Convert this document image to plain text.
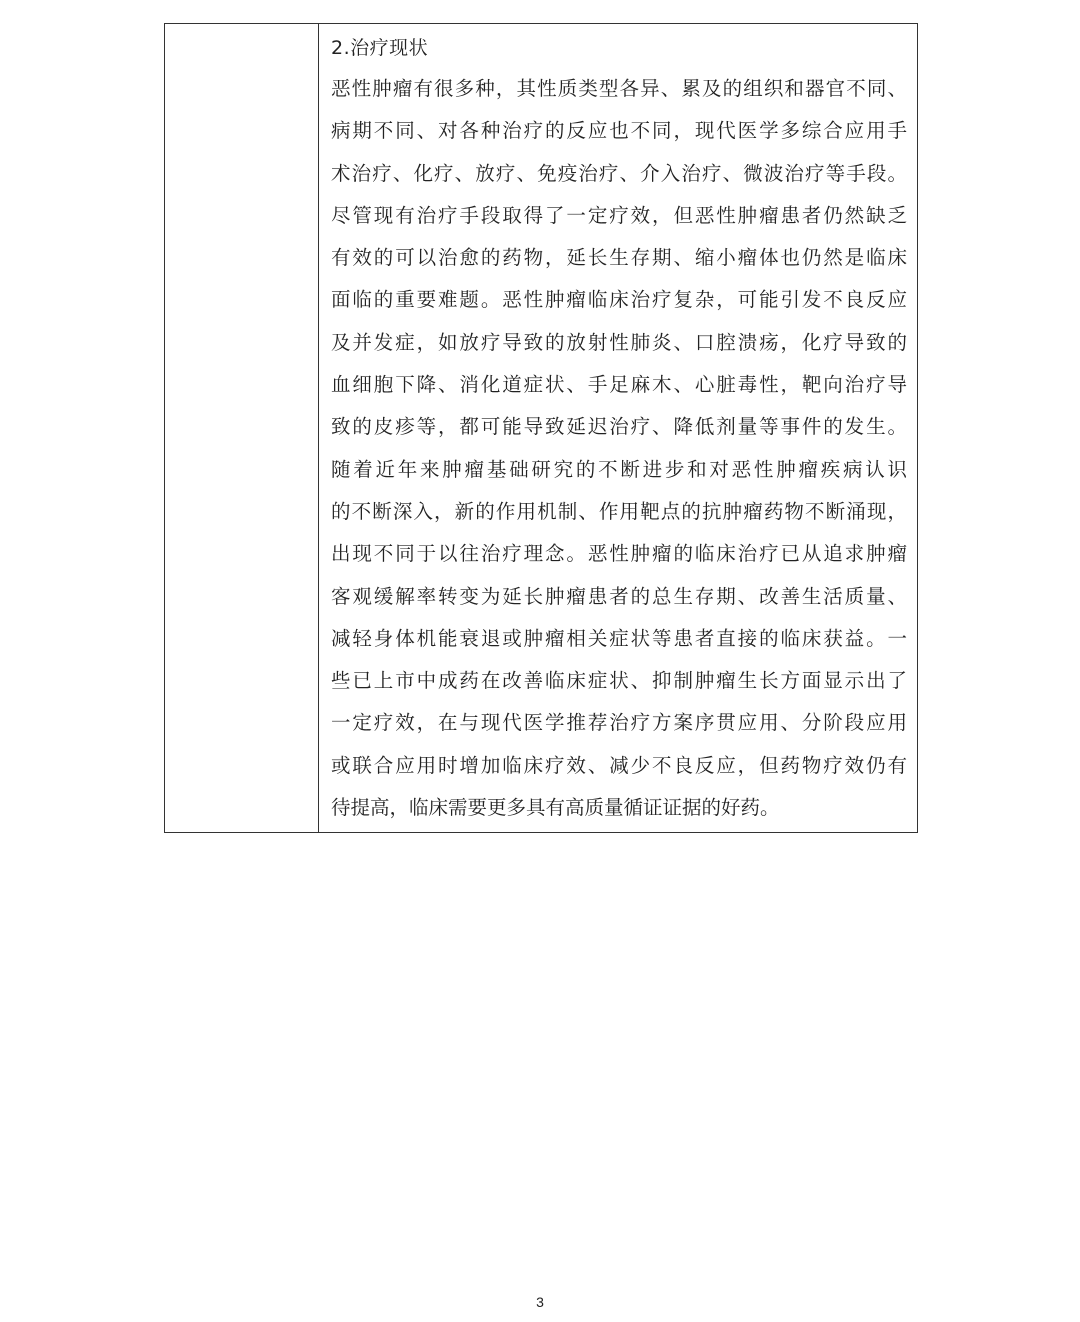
2.治疗现状
恶性肿瘤有很多种，其性质类型各异、累及的组织和器官不同、
病期不同、对各种治疗的反应也不同，现代医学多综合应用手
术治疗、化疗、放疗、免疫治疗、介入治疗、微波治疗等手段。
尽管现有治疗手段取得了一定疗效，但恶性肿瘤患者仍然缺乏
有效的可以治愈的药物，延长生存期、缩小瘤体也仍然是临床
面临的重要难题。恶性肿瘤临床治疗复杂，可能引发不良反应
及并发症，如放疗导致的放射性肺炎、口腔溃疡，化疗导致的
血细胞下降、消化道症状、手足麻木、心脏毒性，靶向治疗导
致的皮疹等，都可能导致延迟治疗、降低剂量等事件的发生。
随着近年来肿瘤基础研究的不断进步和对恶性肿瘤疾病认识
的不断深入，新的作用机制、作用靶点的抗肿瘤药物不断涌现，
出现不同于以往治疗理念。恶性肿瘤的临床治疗已从追求肿瘤
客观缓解率转变为延长肿瘤患者的总生存期、改善生活质量、
减轻身体机能衰退或肿瘤相关症状等患者直接的临床获益。一
些已上市中成药在改善临床症状、抑制肿瘤生长方面显示出了
一定疗效，在与现代医学推荐治疗方案序贯应用、分阶段应用
或联合应用时增加临床疗效、减少不良反应，但药物疗效仍有
待提高，临床需要更多具有高质量循证证据的好药。
3
